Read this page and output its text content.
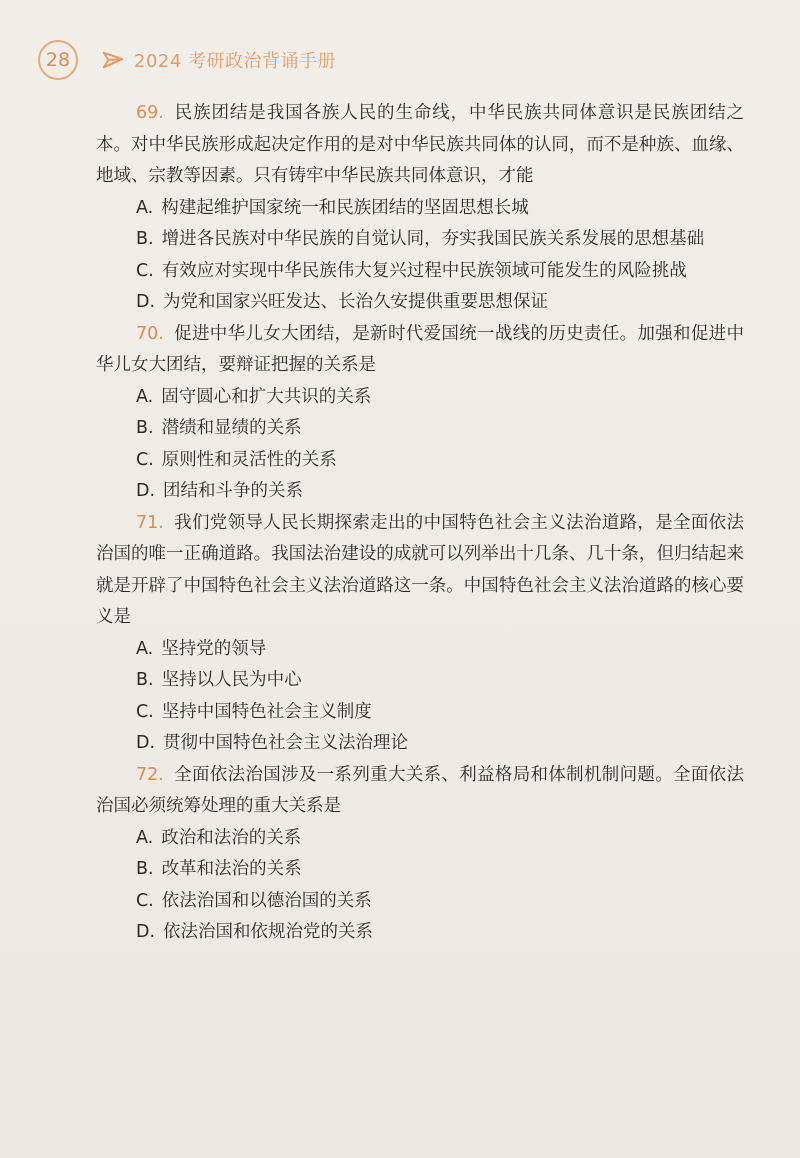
28	2024 考研政治背诵手册

69. 民族团结是我国各族人民的生命线，中华民族共同体意识是民族团结之本。对中华民族形成起决定作用的是对中华民族共同体的认同，而不是种族、血缘、地域、宗教等因素。只有铸牢中华民族共同体意识，才能

A. 构建起维护国家统一和民族团结的坚固思想长城

B. 增进各民族对中华民族的自觉认同，夯实我国民族关系发展的思想基础

C. 有效应对实现中华民族伟大复兴过程中民族领域可能发生的风险挑战

D. 为党和国家兴旺发达、长治久安提供重要思想保证

70. 促进中华儿女大团结，是新时代爱国统一战线的历史责任。加强和促进中华儿女大团结，要辩证把握的关系是

A. 固守圆心和扩大共识的关系

B. 潜绩和显绩的关系

C. 原则性和灵活性的关系

D. 团结和斗争的关系

71. 我们党领导人民长期探索走出的中国特色社会主义法治道路，是全面依法治国的唯一正确道路。我国法治建设的成就可以列举出十几条、几十条，但归结起来就是开辟了中国特色社会主义法治道路这一条。中国特色社会主义法治道路的核心要义是

A. 坚持党的领导

B. 坚持以人民为中心

C. 坚持中国特色社会主义制度

D. 贯彻中国特色社会主义法治理论

72. 全面依法治国涉及一系列重大关系、利益格局和体制机制问题。全面依法治国必须统筹处理的重大关系是

A. 政治和法治的关系

B. 改革和法治的关系

C. 依法治国和以德治国的关系

D. 依法治国和依规治党的关系
